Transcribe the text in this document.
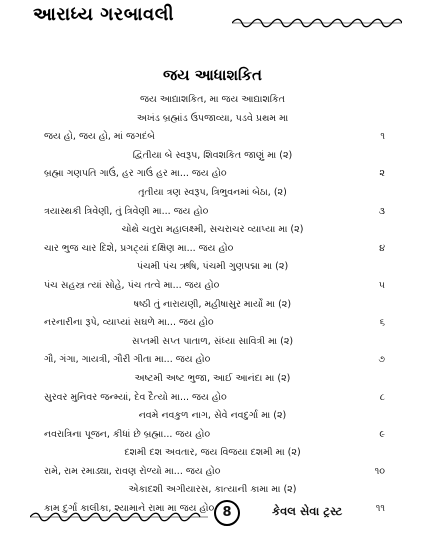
આરાધ્ય ગરબાવલી
જય આધાશકિત
જય આદ્યાશકિત, મા જય આદ્યાશકિત
અખંડ બ્રહ્માંડ ઉપજાવ્યા, પડવે પ્રથમ મા
જય હો, જય હો, માં જગદંબે	૧
દ્વિતીયા બે સ્વરૂપ, શિવશકિત જાણું મા (૨)
બ્રહ્મા ગણપતિ ગાઉં, હર ગાઉં હર મા... જય હો૦	૨
તૃતીયા ત્રણ સ્વરૂપ, ત્રિભુવનમાં બેઠા, (૨)
ત્રયાસ્થકી ત્રિવેણી, તું ત્રિવેણી મા... જય હો૦	૩
ચોથે ચતુરા મહાલક્ષ્મી, સચરાચર વ્યાપ્યા મા (૨)
ચાર ભુજ ચાર દિશે, પ્રગટ્યાં દક્ષિણ મા... જય હો૦	૪
પંચમી પંચ ઋષિ, પંચમી ગુણપદ્મા મા (૨)
પંચ સહસ્ત્ર ત્યાં સોહે, પંચ તત્વે મા... જય હો૦	૫
ષષ્ઠી તું નારાયણી, મહીષાસુર માર્યો મા (૨)
નરનારીના રૂપે, વ્યાપ્યાં સઘળે મા... જય હો૦	૬
સપ્તમી સપ્ત પાતાળ, સંધ્યા સાવિત્રી મા (૨)
ગૌ, ગંગા, ગાયત્રી, ગૌરી ગીતા મા... જય હો૦	૭
અષ્ટમી અષ્ટ ભુજા, આઈ આનંદા મા (૨)
સુરવર મુનિવર જન્મ્યાં, દેવ દૈત્યો મા... જય હો૦	૮
નવમે નવકુળ નાગ, સેવે નવદુર્ગા મા (૨)
નવરાત્રિના પૂજન, કીધાં છે બ્રહ્મા... જય હો૦	૯
દશમી દશ અવતાર, જય વિજયા દશમી મા (૨)
રામે, રામ રમાડ્યા, રાવણ રોળ્યો મા... જય હો૦	૧૦
એકાદશી અગીયારસ, કાત્યાની કામા મા (૨)
કામ દુર્ગા કાલીકા, શ્યામાને રામા મા જય હો૦	૧૧
8	કેવલ સેવા ટ્રસ્ટ
